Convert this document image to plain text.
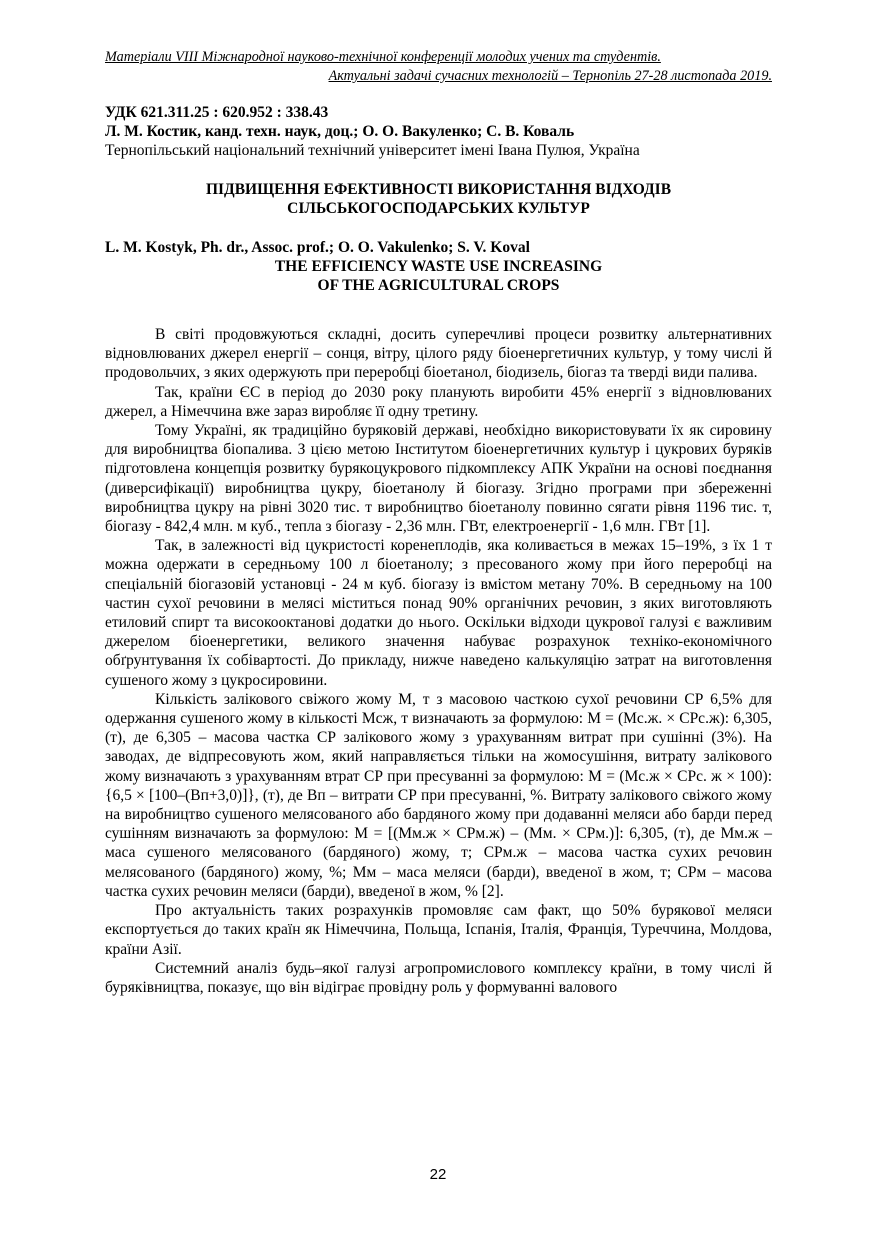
Матеріали VIII Міжнародної науково-технічної конференції молодих учених та студентів.
Актуальні задачі сучасних технологій – Тернопіль 27-28 листопада 2019.
УДК 621.311.25 : 620.952 : 338.43
Л. М. Костик, канд. техн. наук, доц.; О. О. Вакуленко; С. В. Коваль
Тернопільський національний технічний університет імені Івана Пулюя, Україна
ПІДВИЩЕННЯ ЕФЕКТИВНОСТІ ВИКОРИСТАННЯ ВІДХОДІВ
СІЛЬСЬКОГОСПОДАРСЬКИХ КУЛЬТУР
L. M. Kostyk, Ph. dr., Assoc. prof.; O. O. Vakulenko; S. V. Koval
THE EFFICIENCY WASTE USE INCREASING
OF THE AGRICULTURAL CROPS

В світі продовжуються складні, досить суперечливі процеси розвитку альтернативних відновлюваних джерел енергії – сонця, вітру, цілого ряду біоенергетичних культур, у тому числі й продовольчих, з яких одержують при переробці біоетанол, біодизель, біогаз та тверді види палива.

Так, країни ЄС в період до 2030 року планують виробити 45% енергії з відновлюваних джерел, а Німеччина вже зараз виробляє її одну третину.

Тому Україні, як традиційно буряковій державі, необхідно використовувати їх як сировину для виробництва біопалива. З цією метою Інститутом біоенергетичних культур і цукрових буряків підготовлена концепція розвитку бурякоцукрового підкомплексу АПК України на основі поєднання (диверсифікації) виробництва цукру, біоетанолу й біогазу. Згідно програми при збереженні виробництва цукру на рівні 3020 тис. т виробництво біоетанолу повинно сягати рівня 1196 тис. т, біогазу - 842,4 млн. м куб., тепла з біогазу - 2,36 млн. ГВт, електроенергії - 1,6 млн. ГВт [1].

Так, в залежності від цукристості коренеплодів, яка коливається в межах 15–19%, з їх 1 т можна одержати в середньому 100 л біоетанолу; з пресованого жому при його переробці на спеціальній біогазовій установці - 24 м куб. біогазу із вмістом метану 70%. В середньому на 100 частин сухої речовини в мелясі міститься понад 90% органічних речовин, з яких виготовляють етиловий спирт та високооктанові додатки до нього. Оскільки відходи цукрової галузі є важливим джерелом біоенергетики, великого значення набуває розрахунок техніко-економічного обґрунтування їх собівартості. До прикладу, нижче наведено калькуляцію затрат на виготовлення сушеного жому з цукросировини.

Кількість залікового свіжого жому М, т з масовою часткою сухої речовини СР 6,5% для одержання сушеного жому в кількості Мсж, т визначають за формулою: М = (Мс.ж. × СРс.ж): 6,305,(т), де 6,305 – масова частка СР залікового жому з урахуванням витрат при сушінні (3%). На заводах, де відпресовують жом, який направляється тільки на жомосушіння, витрату залікового жому визначають з урахуванням втрат СР при пресуванні за формулою: М = (Мс.ж × СРс. ж × 100): {6,5 × [100–(Вп+3,0)]}, (т), де Вп – витрати СР при пресуванні, %. Витрату залікового свіжого жому на виробництво сушеного мелясованого або бардяного жому при додаванні меляси або барди перед сушінням визначають за формулою: М = [(Мм.ж × СРм.ж) – (Мм. × СРм.)]: 6,305, (т), де Мм.ж – маса сушеного мелясованого (бардяного) жому, т; СРм.ж – масова частка сухих речовин мелясованого (бардяного) жому, %; Мм – маса меляси (барди), введеної в жом, т; СРм – масова частка сухих речовин меляси (барди), введеної в жом, % [2].

Про актуальність таких розрахунків промовляє сам факт, що 50% бурякової меляси експортується до таких країн як Німеччина, Польща, Іспанія, Італія, Франція, Туреччина, Молдова, країни Азії.

Системний аналіз будь–якої галузі агропромислового комплексу країни, в тому числі й буряківництва, показує, що він відіграє провідну роль у формуванні валового

22
